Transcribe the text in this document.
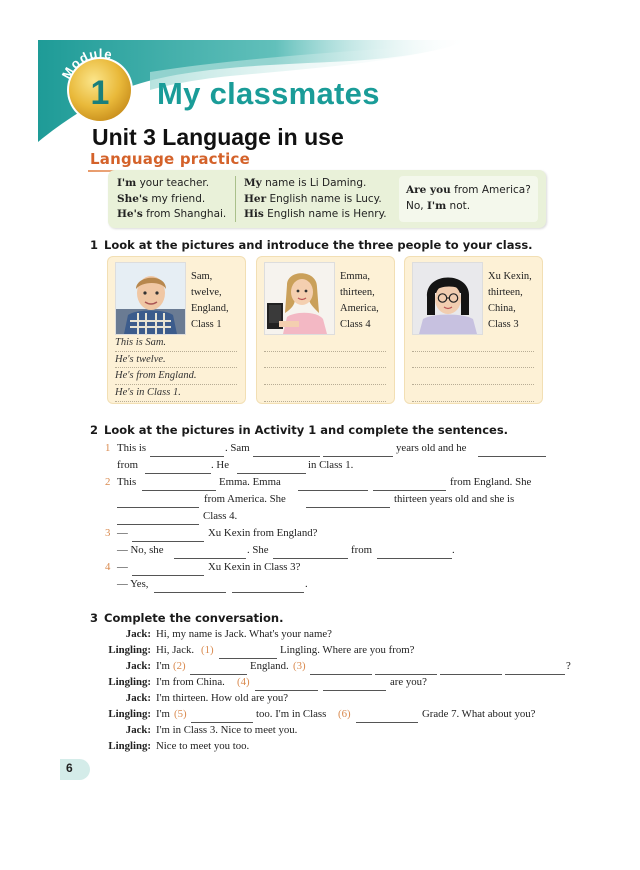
1
Module
My classmates
Unit 3 Language in use
Language practice
I'm your teacher.
She's my friend.
He's from Shanghai.
My name is Li Daming.
Her English name is Lucy.
His English name is Henry.
Are you from America?
No, I'm not.
1 Look at the pictures and introduce the three people to your class.
Sam,
twelve,
England,
Class 1
This is Sam.
He's twelve.
He's from England.
He's in Class 1.
Emma,
thirteen,
America,
Class 4
Xu Kexin,
thirteen,
China,
Class 3
2 Look at the pictures in Activity 1 and complete the sentences.
1 This is	. Sam	years old and he
from	. He	in Class 1.
2 This	Emma. Emma	from England. She
from America. She	thirteen years old and she is
Class 4.
3 —	Xu Kexin from England?
— No, she	. She	from	.
4 —	Xu Kexin in Class 3?
— Yes,	.
3 Complete the conversation.
Jack: Hi, my name is Jack. What's your name?
Lingling: Hi, Jack. (1)	Lingling. Where are you from?
Jack: I'm (2)	England. (3)	?
Lingling: I'm from China. (4)	are you?
Jack: I'm thirteen. How old are you?
Lingling: I'm (5)	too. I'm in Class (6)	Grade 7. What about you?
Jack: I'm in Class 3. Nice to meet you.
Lingling: Nice to meet you too.
6
